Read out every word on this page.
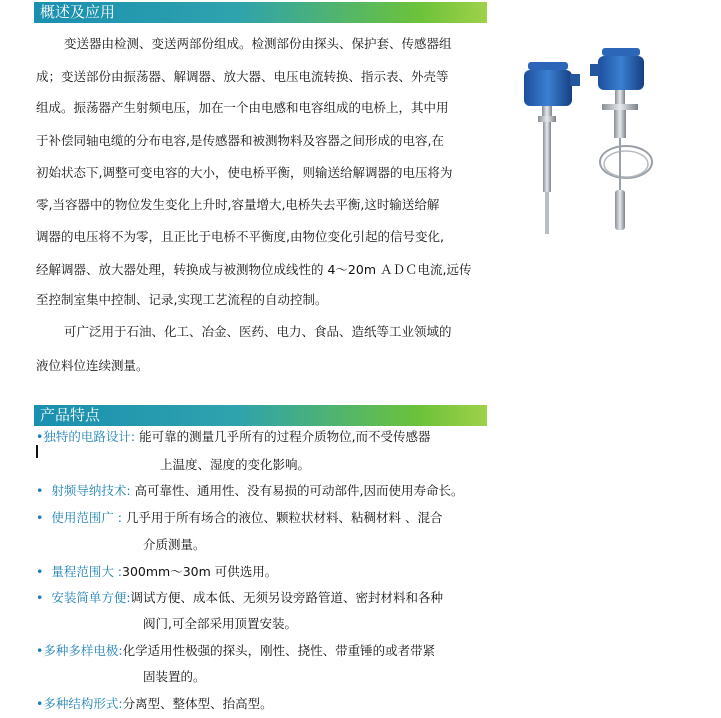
概述及应用
变送器由检测、变送两部份组成。检测部份由探头、保护套、传感器组
成；变送部份由振荡器、解调器、放大器、电压电流转换、指示表、外壳等
组成。振荡器产生射频电压，加在一个由电感和电容组成的电桥上，其中用
于补偿同轴电缆的分布电容,是传感器和被测物料及容器之间形成的电容,在
初始状态下,调整可变电容的大小，使电桥平衡，则输送给解调器的电压将为
零,当容器中的物位发生变化上升时,容量增大,电桥失去平衡,这时输送给解
调器的电压将不为零，且正比于电桥不平衡度,由物位变化引起的信号变化,
经解调器、放大器处理，转换成与被测物位成线性的 4～20m ＡＤＣ电流,远传
至控制室集中控制、记录,实现工艺流程的自动控制。
可广泛用于石油、化工、冶金、医药、电力、食品、造纸等工业领域的
液位料位连续测量。
产品特点
•独特的电路设计: 能可靠的测量几乎所有的过程介质物位,而不受传感器
上温度、湿度的变化影响。
• 射频导纳技术: 高可靠性、通用性、没有易损的可动部件,因而使用寿命长。
• 使用范围广 : 几乎用于所有场合的液位、颗粒状材料、粘稠材料 、混合
介质测量。
• 量程范围大 :300mm～30m 可供选用。
• 安装简单方便:调试方便、成本低、无须另设旁路管道、密封材料和各种
阀门,可全部采用顶置安装。
•多种多样电极:化学适用性极强的探头，刚性、挠性、带重锤的或者带紧
固装置的。
•多种结构形式:分离型、整体型、抬高型。
